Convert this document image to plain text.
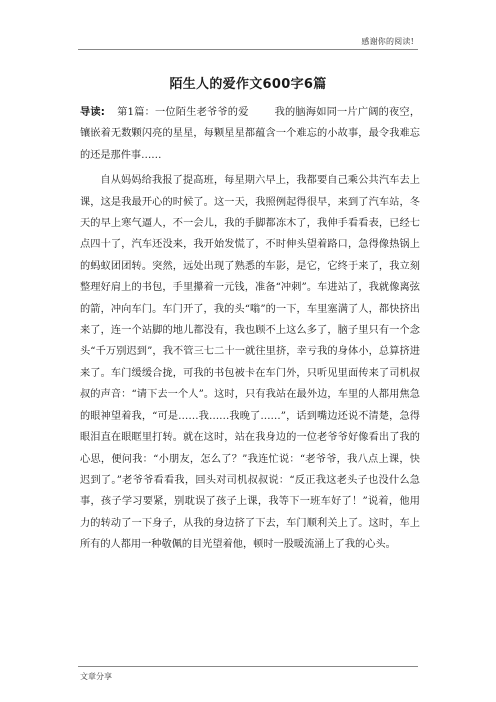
感谢你的阅读!
陌生人的爱作文600字6篇

导读: 第1篇：一位陌生老爷爷的爱	我的脑海如同一片广阔的夜空，镶嵌着无数颗闪亮的星星，每颗星星都蕴含一个难忘的小故事，最令我难忘的还是那件事……

自从妈妈给我报了提高班，每星期六早上，我都要自己乘公共汽车去上课，这是我最开心的时候了。这一天，我照例起得很早，来到了汽车站，冬天的早上寒气逼人，不一会儿，我的手脚都冻木了，我伸手看看表，已经七点四十了，汽车还没来，我开始发慌了，不时伸头望着路口，急得像热锅上的蚂蚁团团转。突然，远处出现了熟悉的车影，是它，它终于来了，我立刻整理好肩上的书包，手里攥着一元钱，准备“冲刺”。车进站了，我就像离弦的箭，冲向车门。车门开了，我的头“嗡”的一下，车里塞满了人，都快挤出来了，连一个站脚的地儿都没有，我也顾不上这么多了，脑子里只有一个念头“千万别迟到”，我不管三七二十一就往里挤，幸亏我的身体小，总算挤进来了。车门缓缓合拢，可我的书包被卡在车门外，只听见里面传来了司机叔叔的声音：“请下去一个人”。这时，只有我站在最外边，车里的人都用焦急的眼神望着我，“可是……我……我晚了……”，话到嘴边还说不清楚，急得眼泪直在眼眶里打转。就在这时，站在我身边的一位老爷爷好像看出了我的心思，便问我：“小朋友，怎么了？”我连忙说：“老爷爷，我八点上课，快迟到了。”老爷爷看看我，回头对司机叔叔说：“反正我这老头子也没什么急事，孩子学习要紧，别耽误了孩子上课，我等下一班车好了！”说着，他用力的转动了一下身子，从我的身边挤了下去，车门顺利关上了。这时，车上所有的人都用一种敬佩的目光望着他，顿时一股暖流涌上了我的心头。

文章分享
